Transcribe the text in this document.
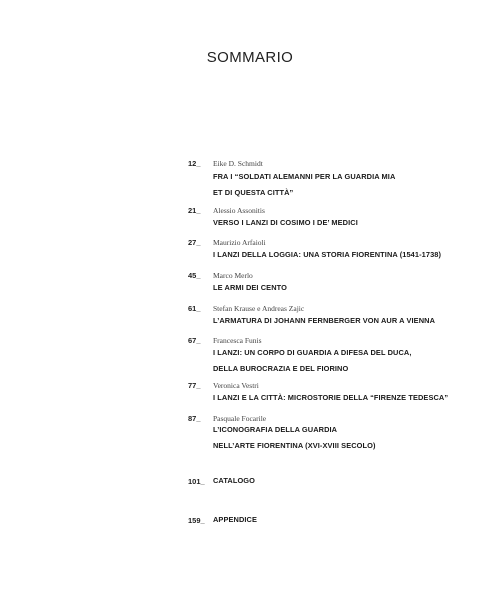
SOMMARIO
12_	Eike D. Schmidt
FRA I “SOLDATI ALEMANNI PER LA GUARDIA MIA
ET DI QUESTA CITTÀ”
21_	Alessio Assonitis
VERSO I LANZI DI COSIMO I DE’ MEDICI
27_	Maurizio Arfaioli
I LANZI DELLA LOGGIA: UNA STORIA FIORENTINA (1541-1738)
45_	Marco Merlo
LE ARMI DEI CENTO
61_	Stefan Krause e Andreas Zajic
L’ARMATURA DI JOHANN FERNBERGER VON AUR A VIENNA
67_	Francesca Funis
I LANZI: UN CORPO DI GUARDIA A DIFESA DEL DUCA,
DELLA BUROCRAZIA E DEL FIORINO
77_	Veronica Vestri
I LANZI E LA CITTÀ: MICROSTORIE DELLA “FIRENZE TEDESCA”
87_	Pasquale Focarile
L’ICONOGRAFIA DELLA GUARDIA
NELL’ARTE FIORENTINA (XVI-XVIII SECOLO)
101_	CATALOGO
159_	APPENDICE
